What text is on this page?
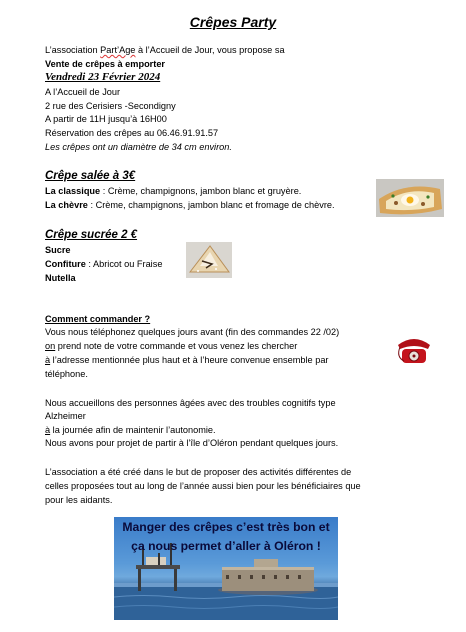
Crêpes Party
L’association Part’Age à l’Accueil de Jour, vous propose sa
Vente de crêpes à emporter
Vendredi 23 Février 2024
A l’Accueil de Jour
2 rue des Cerisiers -Secondigny
A partir de 11H jusqu’à 16H00
Réservation des crêpes au 06.46.91.91.57
Les crêpes ont un diamètre de 34 cm environ.
Crêpe salée à 3€
La classique : Crème, champignons, jambon blanc et gruyère.
La chèvre : Crème, champignons, jambon blanc et fromage de chèvre.
Crêpe sucrée 2 €
Sucre
Confiture : Abricot ou Fraise
Nutella
Comment commander ?
Vous nous téléphonez quelques jours avant (fin des commandes 22 /02)
on prend note de votre commande et vous venez les chercher
à l’adresse mentionnée plus haut et à l’heure convenue ensemble par
téléphone.
Nous accueillons des personnes âgées avec des troubles cognitifs type
Alzheimer
à la journée afin de maintenir l’autonomie.
Nous avons pour projet de partir à l’île d’Oléron pendant quelques jours.
L’association a été créé dans le but de proposer des activités différentes de
celles proposées tout au long de l’année aussi bien pour les bénéficiaires que
pour les aidants.
Manger des crêpes c’est très bon et
ça nous permet d’aller à Oléron !
